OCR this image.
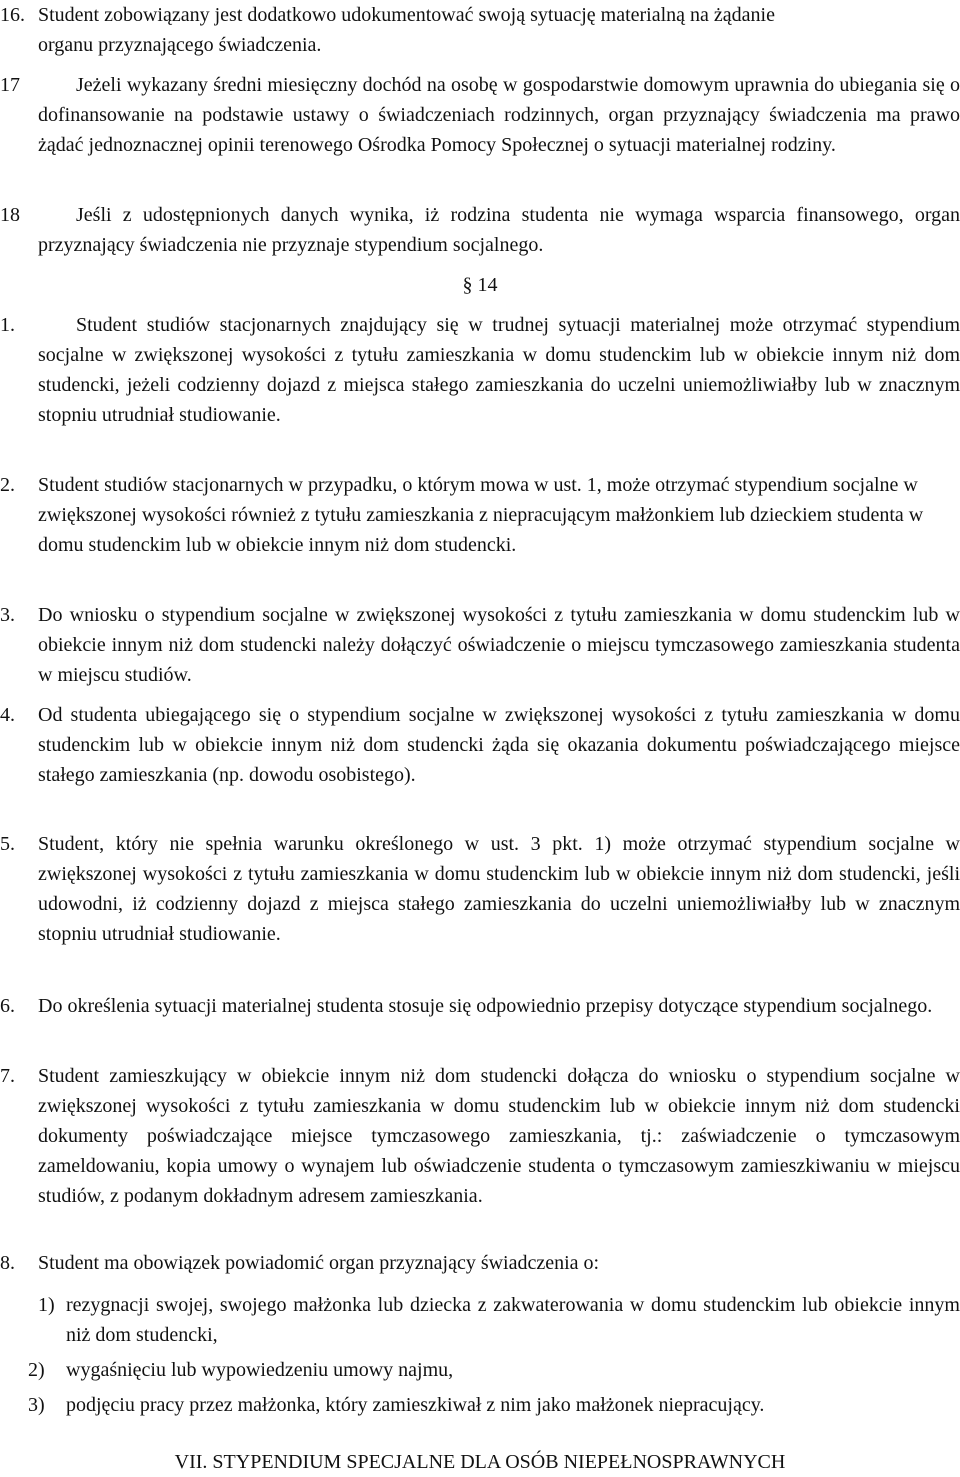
16. Student zobowiązany jest dodatkowo udokumentować swoją sytuację materialną na żądanie organu przyznającego świadczenia.
17	Jeżeli wykazany średni miesięczny dochód na osobę w gospodarstwie domowym uprawnia do ubiegania się o dofinansowanie na podstawie ustawy o świadczeniach rodzinnych, organ przyznający świadczenia ma prawo żądać jednoznacznej opinii terenowego Ośrodka Pomocy Społecznej o sytuacji materialnej rodziny.
18	Jeśli z udostępnionych danych wynika, iż rodzina studenta nie wymaga wsparcia finansowego, organ przyznający świadczenia nie przyznaje stypendium socjalnego.
§ 14
1.	Student studiów stacjonarnych znajdujący się w trudnej sytuacji materialnej może otrzymać stypendium socjalne w zwiększonej wysokości z tytułu zamieszkania w domu studenckim lub w obiekcie innym niż dom studencki, jeżeli codzienny dojazd z miejsca stałego zamieszkania do uczelni uniemożliwiałby lub w znacznym stopniu utrudniał studiowanie.
2.	Student studiów stacjonarnych w przypadku, o którym mowa w ust. 1, może otrzymać stypendium socjalne w zwiększonej wysokości również z tytułu zamieszkania z niepracującym małżonkiem lub dzieckiem studenta w domu studenckim lub w obiekcie innym niż dom studencki.
3.	Do wniosku o stypendium socjalne w zwiększonej wysokości z tytułu zamieszkania w domu studenckim lub w obiekcie innym niż dom studencki należy dołączyć oświadczenie o miejscu tymczasowego zamieszkania studenta w miejscu studiów.
4.	Od studenta ubiegającego się o stypendium socjalne w zwiększonej wysokości z tytułu zamieszkania w domu studenckim lub w obiekcie innym niż dom studencki żąda się okazania dokumentu poświadczającego miejsce stałego zamieszkania (np. dowodu osobistego).
5.	Student, który nie spełnia warunku określonego w ust. 3 pkt. 1) może otrzymać stypendium socjalne w zwiększonej wysokości z tytułu zamieszkania w domu studenckim lub w obiekcie innym niż dom studencki, jeśli udowodni, iż codzienny dojazd z miejsca stałego zamieszkania do uczelni uniemożliwiałby lub w znacznym stopniu utrudniał studiowanie.
6.	Do określenia sytuacji materialnej studenta stosuje się odpowiednio przepisy dotyczące stypendium socjalnego.
7.	Student zamieszkujący w obiekcie innym niż dom studencki dołącza do wniosku o stypendium socjalne w zwiększonej wysokości z tytułu zamieszkania w domu studenckim lub w obiekcie innym niż dom studencki dokumenty poświadczające miejsce tymczasowego zamieszkania, tj.: zaświadczenie o tymczasowym zameldowaniu, kopia umowy o wynajem lub oświadczenie studenta o tymczasowym zamieszkiwaniu w miejscu studiów, z podanym dokładnym adresem zamieszkania.
8.	Student ma obowiązek powiadomić organ przyznający świadczenia o:
1) rezygnacji swojej, swojego małżonka lub dziecka z zakwaterowania w domu studenckim lub obiekcie innym niż dom studencki,
2)	wygaśnięciu lub wypowiedzeniu umowy najmu,
3)	podjęciu pracy przez małżonka, który zamieszkiwał z nim jako małżonek niepracujący.
VII. STYPENDIUM SPECJALNE DLA OSÓB NIEPEŁNOSPRAWNYCH
